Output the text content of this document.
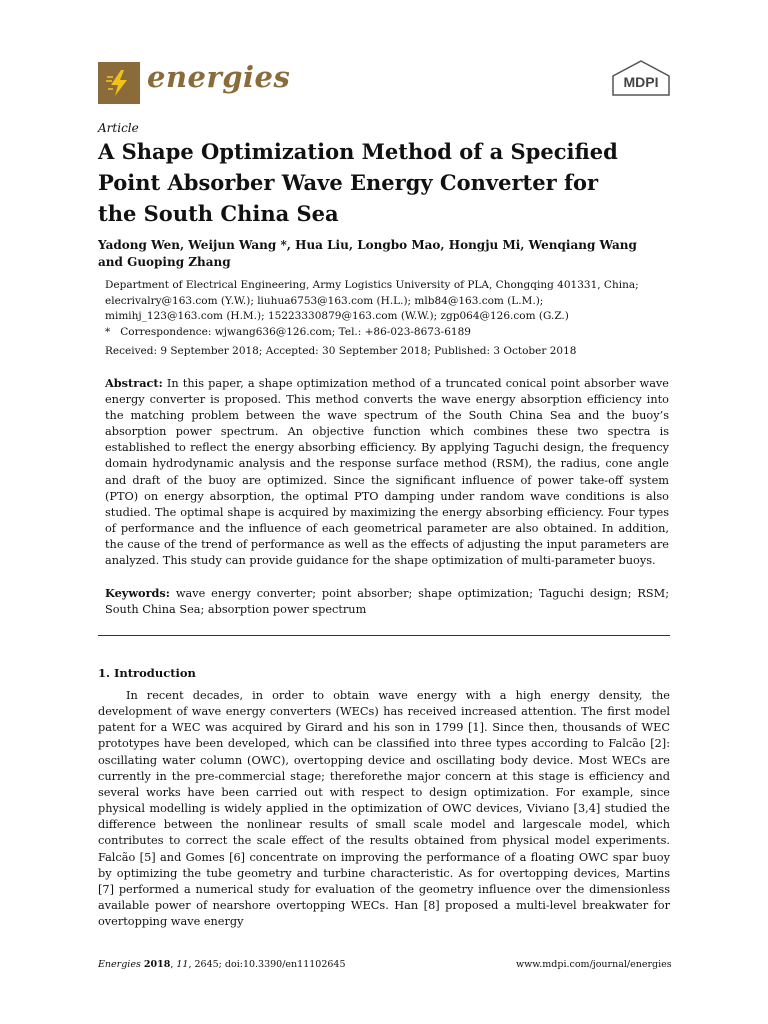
energies	MDPI
Article
A Shape Optimization Method of a Specified Point Absorber Wave Energy Converter for the South China Sea
Yadong Wen, Weijun Wang *, Hua Liu, Longbo Mao, Hongju Mi, Wenqiang Wang and Guoping Zhang
Department of Electrical Engineering, Army Logistics University of PLA, Chongqing 401331, China;
elecrivalry@163.com (Y.W.); liuhua6753@163.com (H.L.); mlb84@163.com (L.M.);
mimihj_123@163.com (H.M.); 15223330879@163.com (W.W.); zgp064@126.com (G.Z.)
* Correspondence: wjwang636@126.com; Tel.: +86-023-8673-6189
Received: 9 September 2018; Accepted: 30 September 2018; Published: 3 October 2018
Abstract: In this paper, a shape optimization method of a truncated conical point absorber wave energy converter is proposed. This method converts the wave energy absorption efficiency into the matching problem between the wave spectrum of the South China Sea and the buoy’s absorption power spectrum. An objective function which combines these two spectra is established to reflect the energy absorbing efficiency. By applying Taguchi design, the frequency domain hydrodynamic analysis and the response surface method (RSM), the radius, cone angle and draft of the buoy are optimized. Since the significant influence of power take-off system (PTO) on energy absorption, the optimal PTO damping under random wave conditions is also studied. The optimal shape is acquired by maximizing the energy absorbing efficiency. Four types of performance and the influence of each geometrical parameter are also obtained. In addition, the cause of the trend of performance as well as the effects of adjusting the input parameters are analyzed. This study can provide guidance for the shape optimization of multi-parameter buoys.
Keywords: wave energy converter; point absorber; shape optimization; Taguchi design; RSM; South China Sea; absorption power spectrum
1. Introduction
In recent decades, in order to obtain wave energy with a high energy density, the development of wave energy converters (WECs) has received increased attention. The first model patent for a WEC was acquired by Girard and his son in 1799 [1]. Since then, thousands of WEC prototypes have been developed, which can be classified into three types according to Falcão [2]: oscillating water column (OWC), overtopping device and oscillating body device. Most WECs are currently in the pre-commercial stage; thereforethe major concern at this stage is efficiency and several works have been carried out with respect to design optimization. For example, since physical modelling is widely applied in the optimization of OWC devices, Viviano [3,4] studied the difference between the nonlinear results of small scale model and largescale model, which contributes to correct the scale effect of the results obtained from physical model experiments. Falcão [5] and Gomes [6] concentrate on improving the performance of a floating OWC spar buoy by optimizing the tube geometry and turbine characteristic. As for overtopping devices, Martins [7] performed a numerical study for evaluation of the geometry influence over the dimensionless available power of nearshore overtopping WECs. Han [8] proposed a multi-level breakwater for overtopping wave energy
Energies 2018, 11, 2645; doi:10.3390/en11102645	www.mdpi.com/journal/energies
